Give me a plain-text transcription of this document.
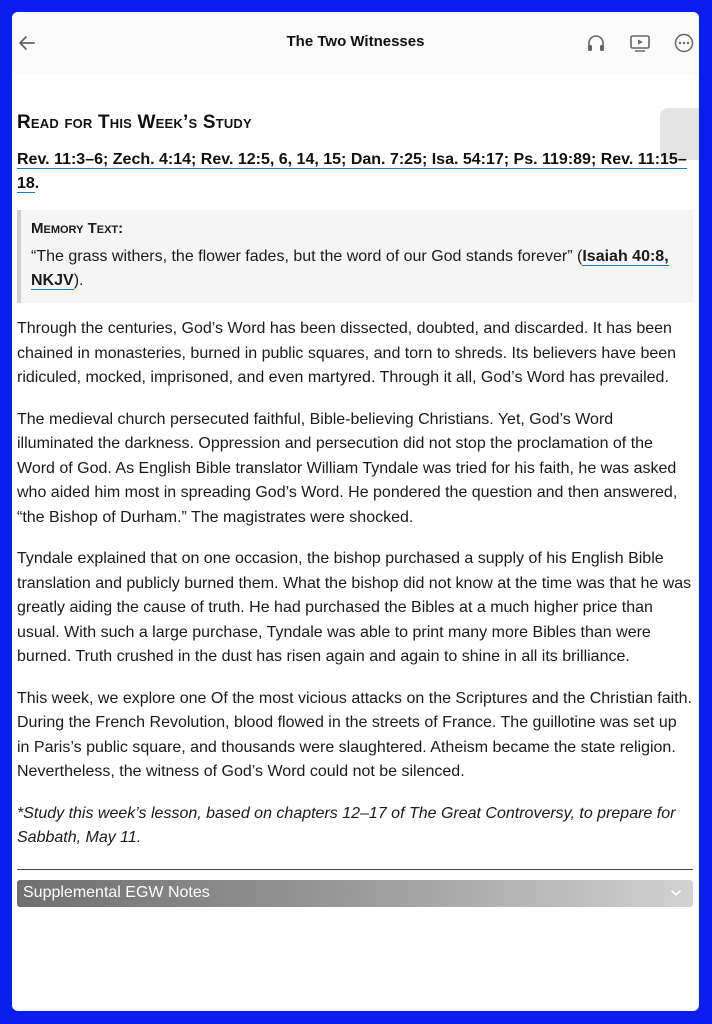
The Two Witnesses
Read for This Week’s Study
Rev. 11:3–6; Zech. 4:14; Rev. 12:5, 6, 14, 15; Dan. 7:25; Isa. 54:17; Ps. 119:89; Rev. 11:15–18.
Memory Text:
“The grass withers, the flower fades, but the word of our God stands forever” (Isaiah 40:8, NKJV).

Through the centuries, God’s Word has been dissected, doubted, and discarded. It has been chained in monasteries, burned in public squares, and torn to shreds. Its believers have been ridiculed, mocked, imprisoned, and even martyred. Through it all, God’s Word has prevailed.

The medieval church persecuted faithful, Bible-believing Christians. Yet, God’s Word illuminated the darkness. Oppression and persecution did not stop the proclamation of the Word of God. As English Bible translator William Tyndale was tried for his faith, he was asked who aided him most in spreading God’s Word. He pondered the question and then answered, “the Bishop of Durham.” The magistrates were shocked.

Tyndale explained that on one occasion, the bishop purchased a supply of his English Bible translation and publicly burned them. What the bishop did not know at the time was that he was greatly aiding the cause of truth. He had purchased the Bibles at a much higher price than usual. With such a large purchase, Tyndale was able to print many more Bibles than were burned. Truth crushed in the dust has risen again and again to shine in all its brilliance.

This week, we explore one Of the most vicious attacks on the Scriptures and the Christian faith. During the French Revolution, blood flowed in the streets of France. The guillotine was set up in Paris’s public square, and thousands were slaughtered. Atheism became the state religion. Nevertheless, the witness of God’s Word could not be silenced.

*Study this week’s lesson, based on chapters 12–17 of The Great Controversy, to prepare for Sabbath, May 11.

Supplemental EGW Notes
